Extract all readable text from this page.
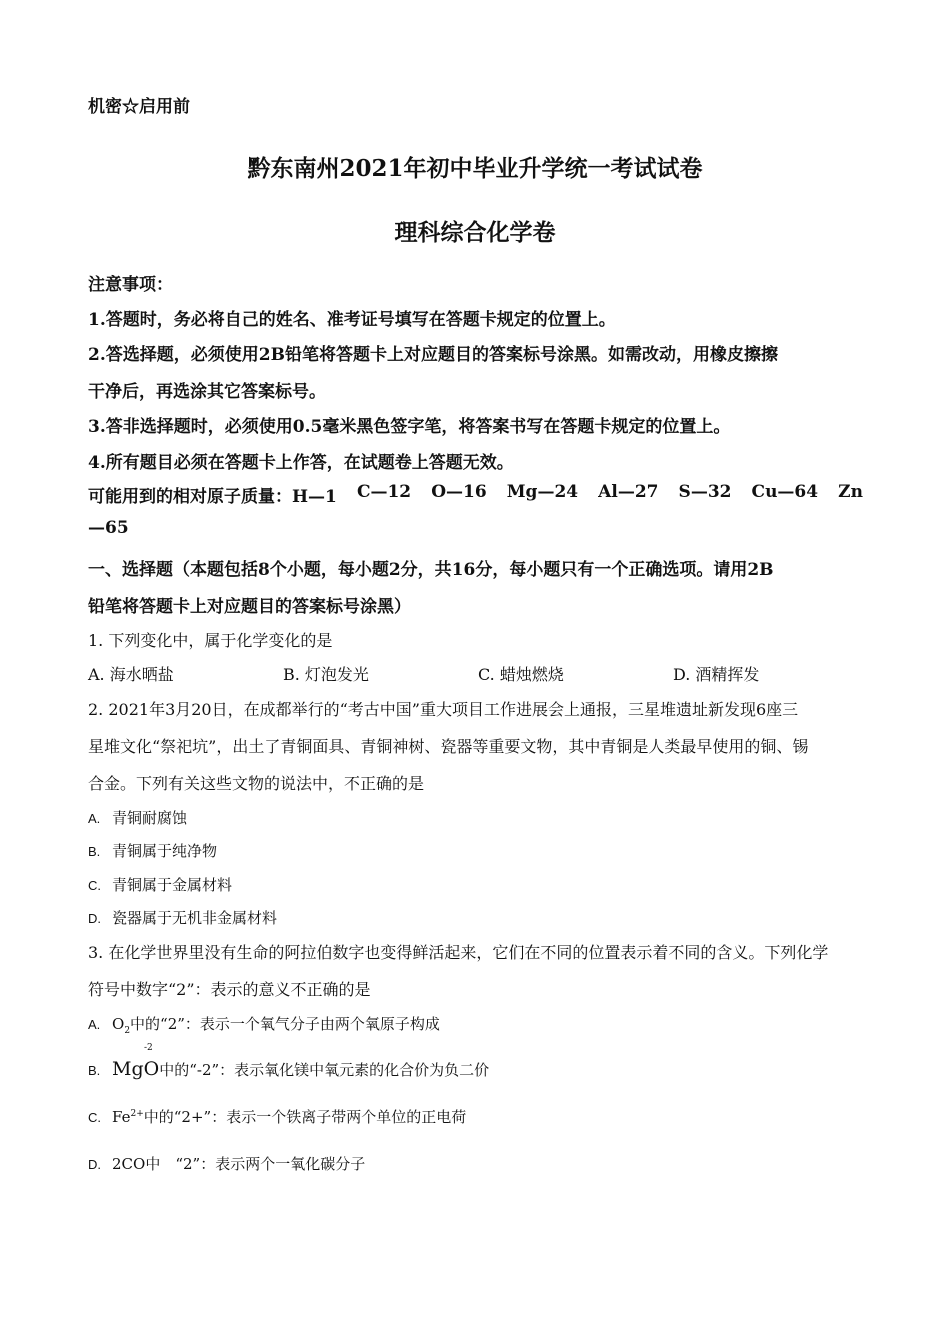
机密☆启用前
黔东南州2021年初中毕业升学统一考试试卷
理科综合化学卷
注意事项：
1.答题时，务必将自己的姓名、准考证号填写在答题卡规定的位置上。
2.答选择题，必须使用2B铅笔将答题卡上对应题目的答案标号涂黑。如需改动，用橡皮擦擦
干净后，再选涂其它答案标号。
3.答非选择题时，必须使用0.5毫米黑色签字笔，将答案书写在答题卡规定的位置上。
4.所有题目必须在答题卡上作答，在试题卷上答题无效。
可能用到的相对原子质量：H—1 C—12 O—16 Mg—24 Al—27 S—32 Cu—64 Zn
—65
一、选择题（本题包括8个小题，每小题2分，共16分，每小题只有一个正确选项。请用2B
铅笔将答题卡上对应题目的答案标号涂黑）
1. 下列变化中，属于化学变化的是
A. 海水晒盐	B. 灯泡发光	C. 蜡烛燃烧	D. 酒精挥发
2. 2021年3月20日，在成都举行的“考古中国”重大项目工作进展会上通报，三星堆遗址新发现6座三
星堆文化“祭祀坑”，出土了青铜面具、青铜神树、瓷器等重要文物，其中青铜是人类最早使用的铜、锡
合金。下列有关这些文物的说法中，不正确的是
A. 青铜耐腐蚀
B. 青铜属于纯净物
C. 青铜属于金属材料
D. 瓷器属于无机非金属材料
3. 在化学世界里没有生命的阿拉伯数字也变得鲜活起来，它们在不同的位置表示着不同的含义。下列化学
符号中数字“2”：表示的意义不正确的是
A. $O_2$中的“2”：表示一个氧气分子由两个氧原子构成
B. MgO
-2
中的“-2”：表示氧化镁中氧元素的化合价为负二价
C. $Fe^{2+}$中的“2+”：表示一个铁离子带两个单位的正电荷
D. 2CO中　“2”：表示两个一氧化碳分子
